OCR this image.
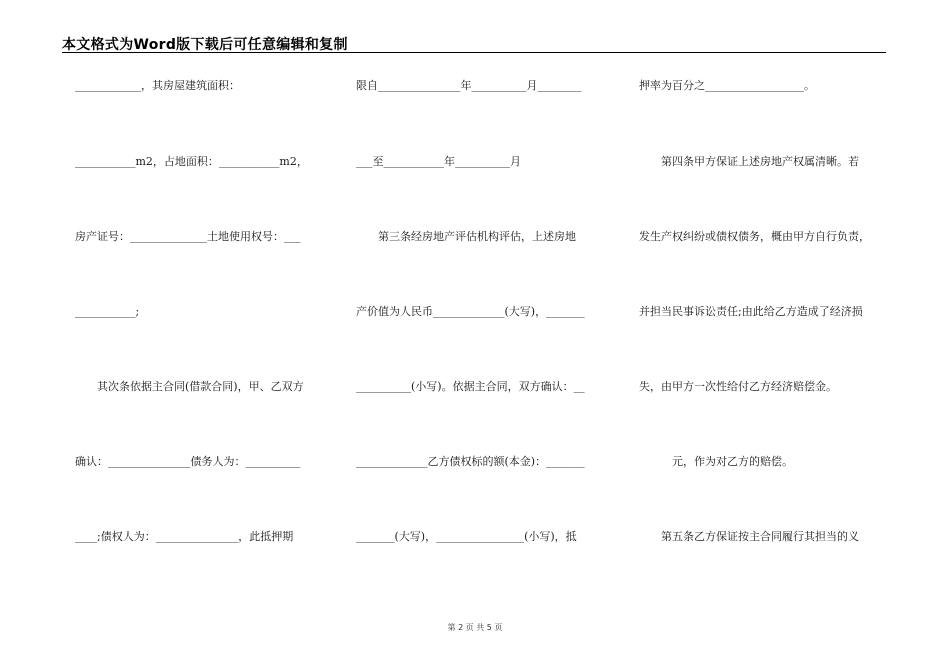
本文格式为Word版下载后可任意编辑和复制
____________，其房屋建筑面积：
___________m2，占地面积：___________m2，
房产证号：______________土地使用权号：___
___________;
　　其次条依据主合同(借款合同)，甲、乙双方
确认：_______________债务人为：__________
____;债权人为：_______________，此抵押期
限自_______________年__________月________
___至___________年__________月
　　第三条经房地产评估机构评估，上述房地
产价值为人民币_____________(大写)，_______
__________(小写)。依据主合同，双方确认：__
_____________乙方债权标的额(本金)：_______
_______(大写)，________________(小写)，抵
押率为百分之__________________。
　　第四条甲方保证上述房地产权属清晰。若
发生产权纠纷或债权债务，概由甲方自行负责，
并担当民事诉讼责任;由此给乙方造成了经济损
失，由甲方一次性给付乙方经济赔偿金。
　　　元，作为对乙方的赔偿。
　　第五条乙方保证按主合同履行其担当的义
第 2 页 共 5 页
